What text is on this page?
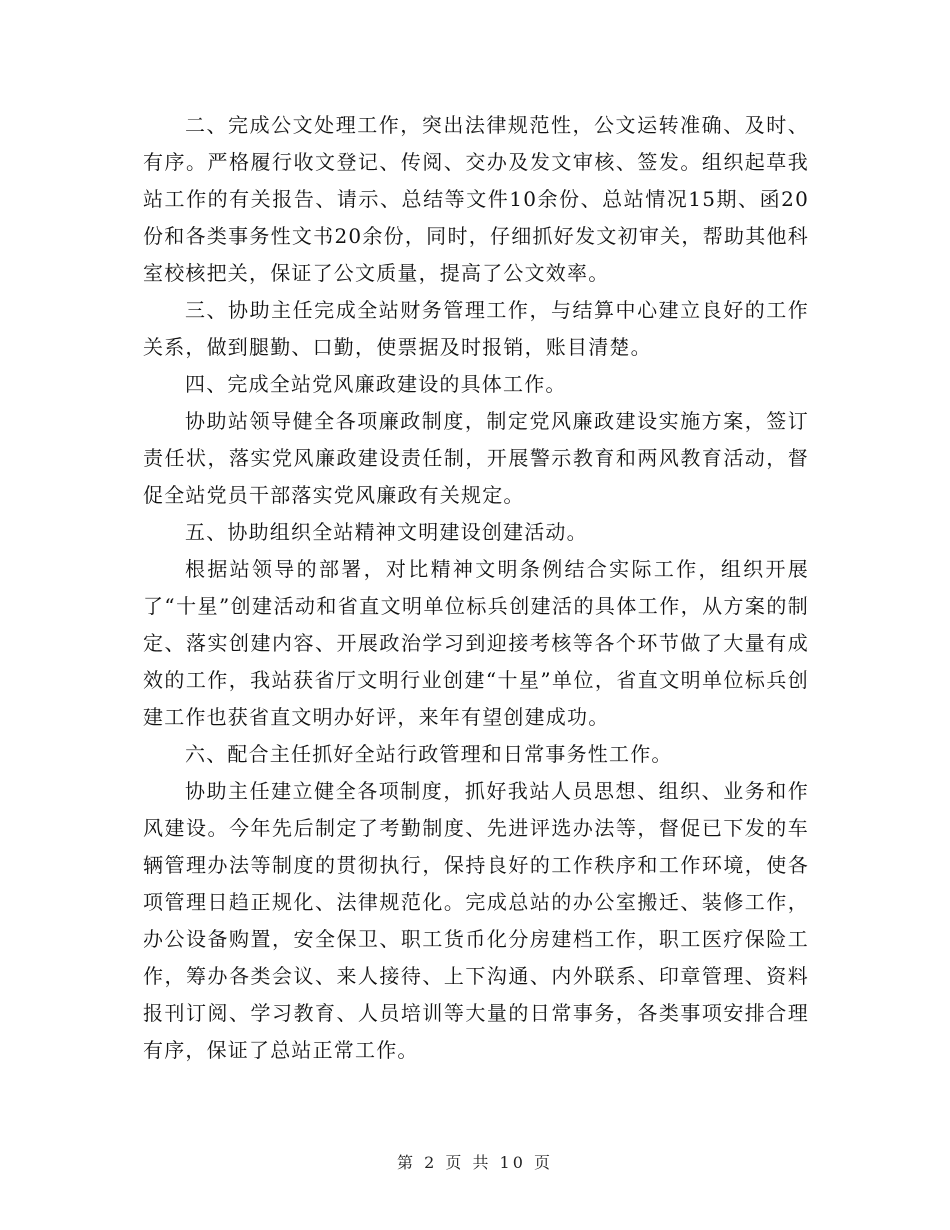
二、完成公文处理工作，突出法律规范性，公文运转准确、及时、有序。严格履行收文登记、传阅、交办及发文审核、签发。组织起草我站工作的有关报告、请示、总结等文件10余份、总站情况15期、函20份和各类事务性文书20余份，同时，仔细抓好发文初审关，帮助其他科室校核把关，保证了公文质量，提高了公文效率。

三、协助主任完成全站财务管理工作，与结算中心建立良好的工作关系，做到腿勤、口勤，使票据及时报销，账目清楚。

四、完成全站党风廉政建设的具体工作。

协助站领导健全各项廉政制度，制定党风廉政建设实施方案，签订责任状，落实党风廉政建设责任制，开展警示教育和两风教育活动，督促全站党员干部落实党风廉政有关规定。

五、协助组织全站精神文明建设创建活动。

根据站领导的部署，对比精神文明条例结合实际工作，组织开展了“十星”创建活动和省直文明单位标兵创建活的具体工作，从方案的制定、落实创建内容、开展政治学习到迎接考核等各个环节做了大量有成效的工作，我站获省厅文明行业创建“十星”单位，省直文明单位标兵创建工作也获省直文明办好评，来年有望创建成功。

六、配合主任抓好全站行政管理和日常事务性工作。

协助主任建立健全各项制度，抓好我站人员思想、组织、业务和作风建设。今年先后制定了考勤制度、先进评选办法等，督促已下发的车辆管理办法等制度的贯彻执行，保持良好的工作秩序和工作环境，使各项管理日趋正规化、法律规范化。完成总站的办公室搬迁、装修工作，办公设备购置，安全保卫、职工货币化分房建档工作，职工医疗保险工作，筹办各类会议、来人接待、上下沟通、内外联系、印章管理、资料报刊订阅、学习教育、人员培训等大量的日常事务，各类事项安排合理有序，保证了总站正常工作。

第 2 页 共 10 页
